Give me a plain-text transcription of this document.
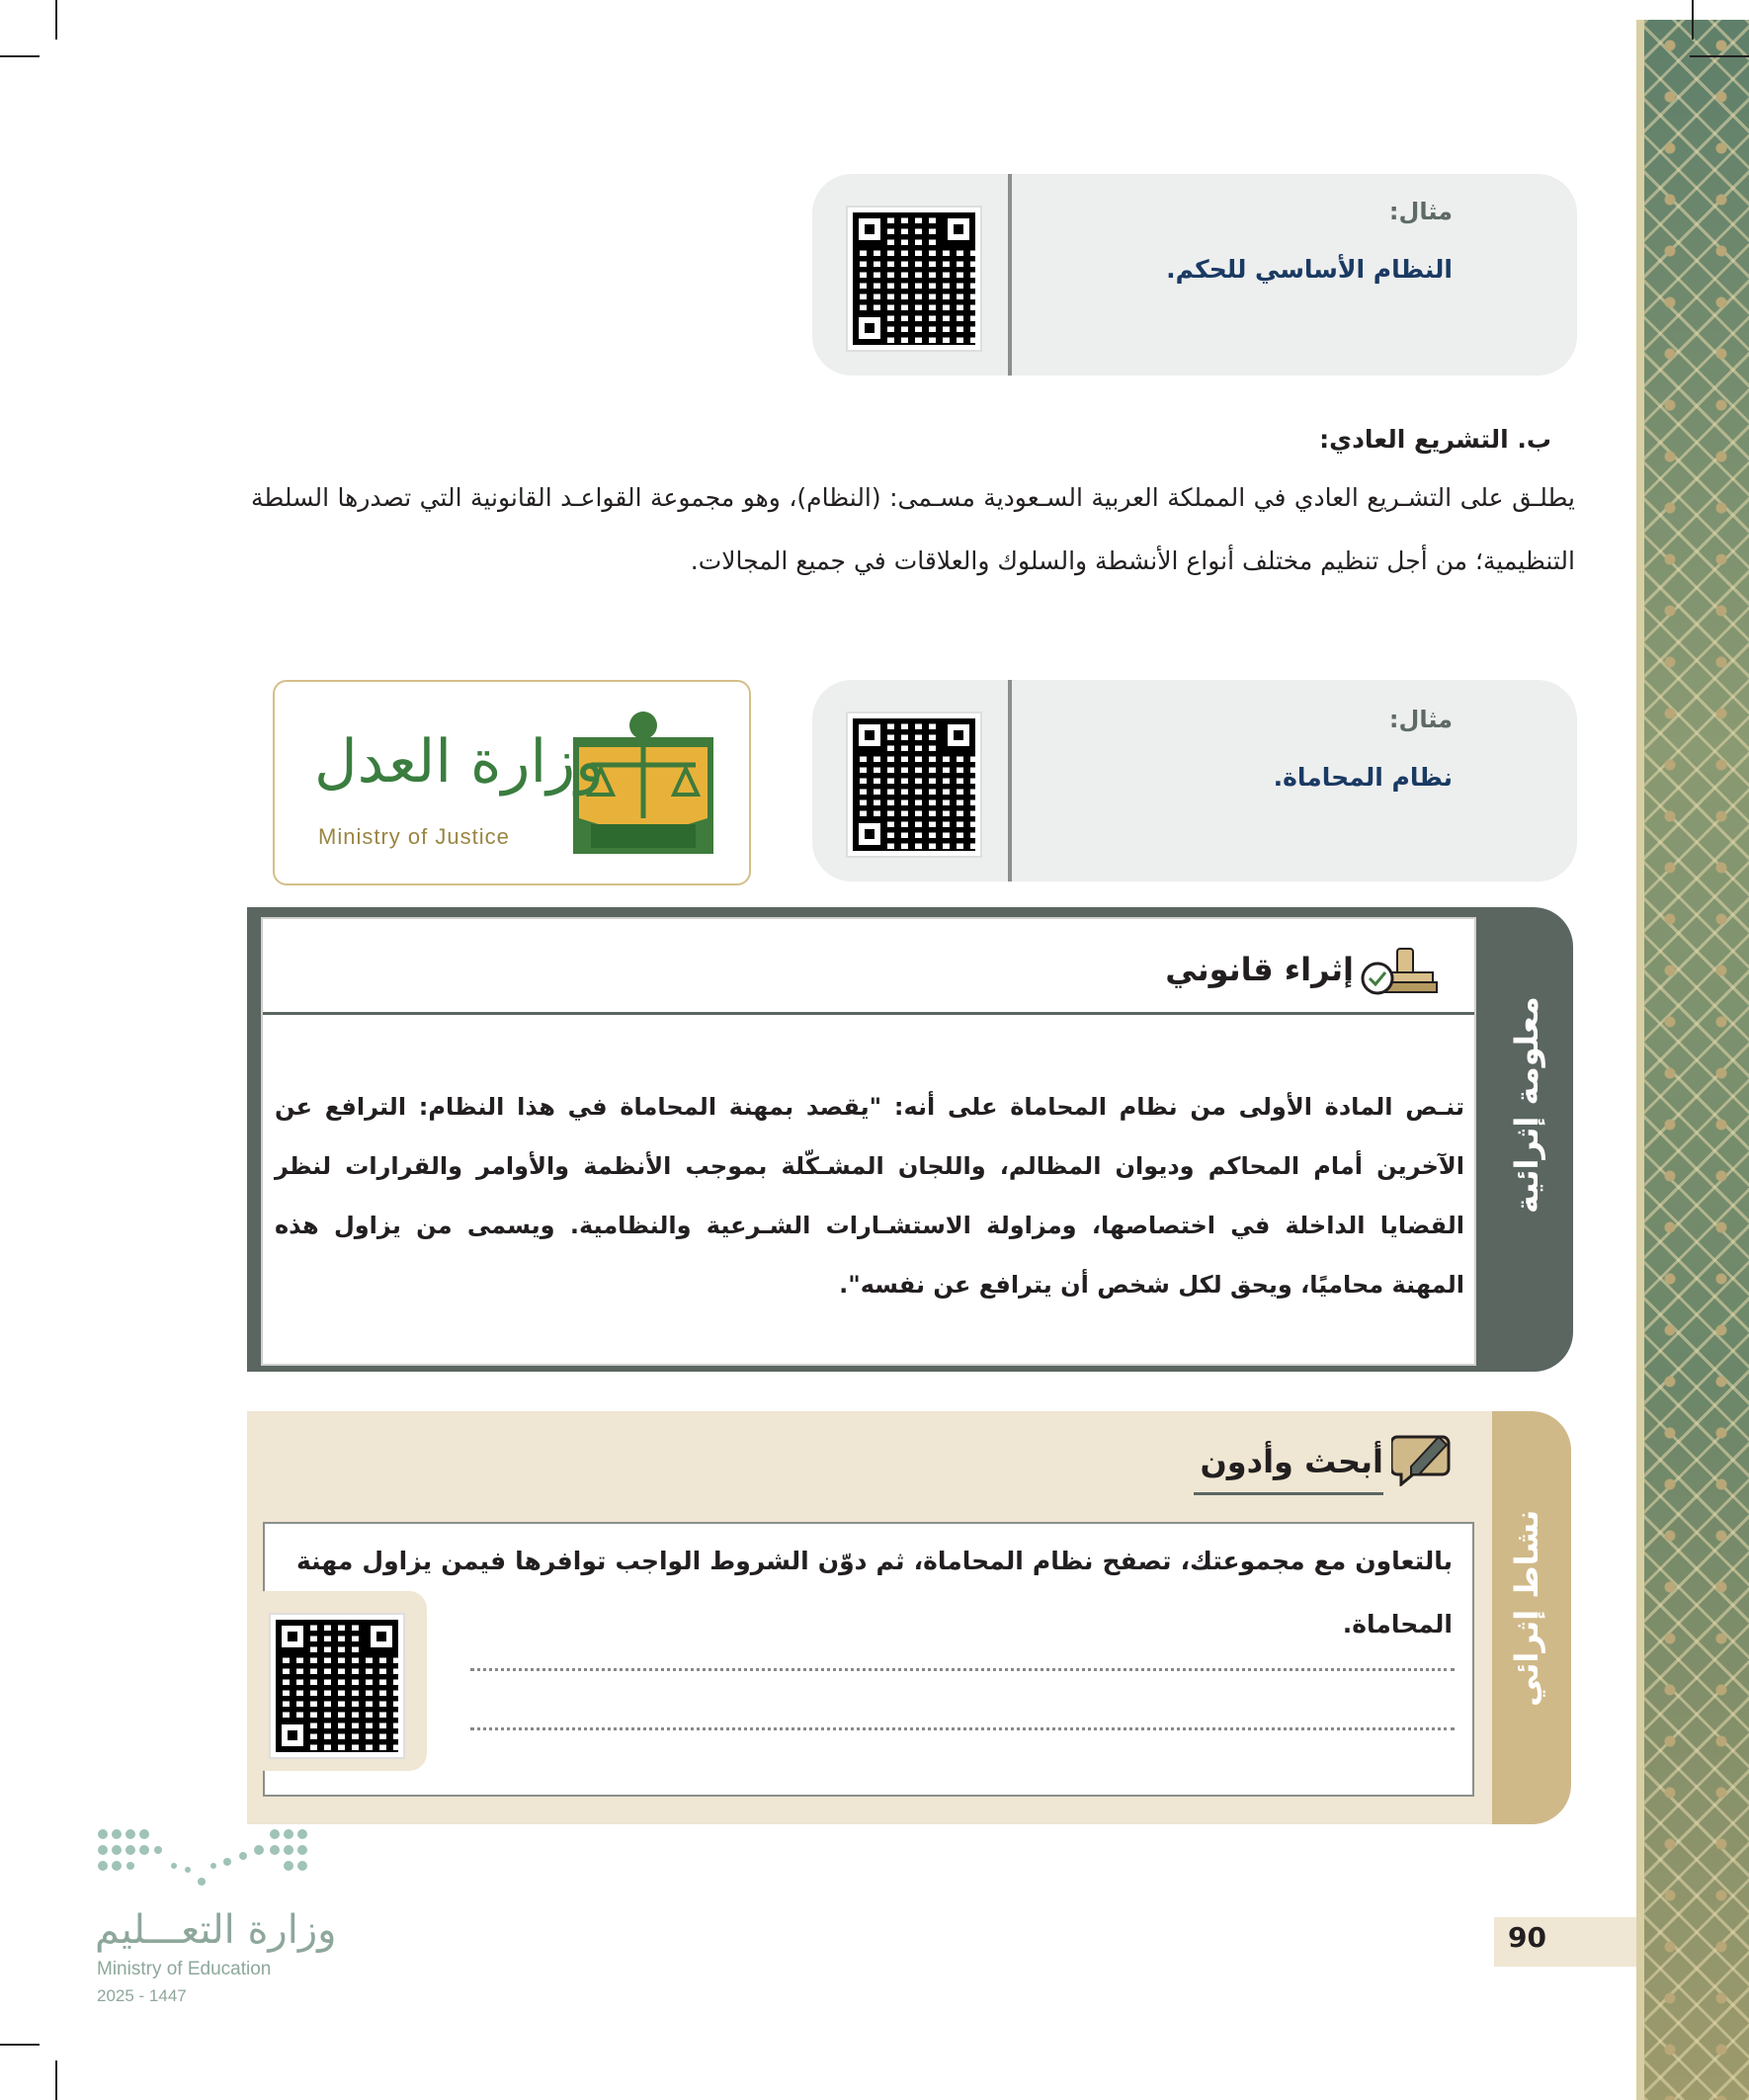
مثال:
النظام الأساسي للحكم.
ب. التشريع العادي:
يطلـق على التشـريع العادي في المملكة العربية السـعودية مسـمى: (النظام)، وهو مجموعة القواعـد القانونية التي تصدرها السلطة التنظيمية؛ من أجل تنظيم مختلف أنواع الأنشطة والسلوك والعلاقات في جميع المجالات.
وزارة العدل
Ministry of Justice
مثال:
نظام المحاماة.
معلومة إثرائية
إثراء قانوني
تنـص المادة الأولى من نظام المحاماة على أنه: "يقصد بمهنة المحاماة في هذا النظام: الترافع عن الآخرين أمام المحاكم وديوان المظالم، واللجان المشـكّلة بموجب الأنظمة والأوامر والقرارات لنظر القضايا الداخلة في اختصاصها، ومزاولة الاستشـارات الشـرعية والنظامية. ويسمى من يزاول هذه المهنة محاميًا، ويحق لكل شخص أن يترافع عن نفسه".
نشاط إثرائي
أبحث وأدون
بالتعاون مع مجموعتك، تصفح نظام المحاماة، ثم دوّن الشروط الواجب توافرها فيمن يزاول مهنة المحاماة.
90
وزارة التعـــليم
Ministry of Education
2025 - 1447
